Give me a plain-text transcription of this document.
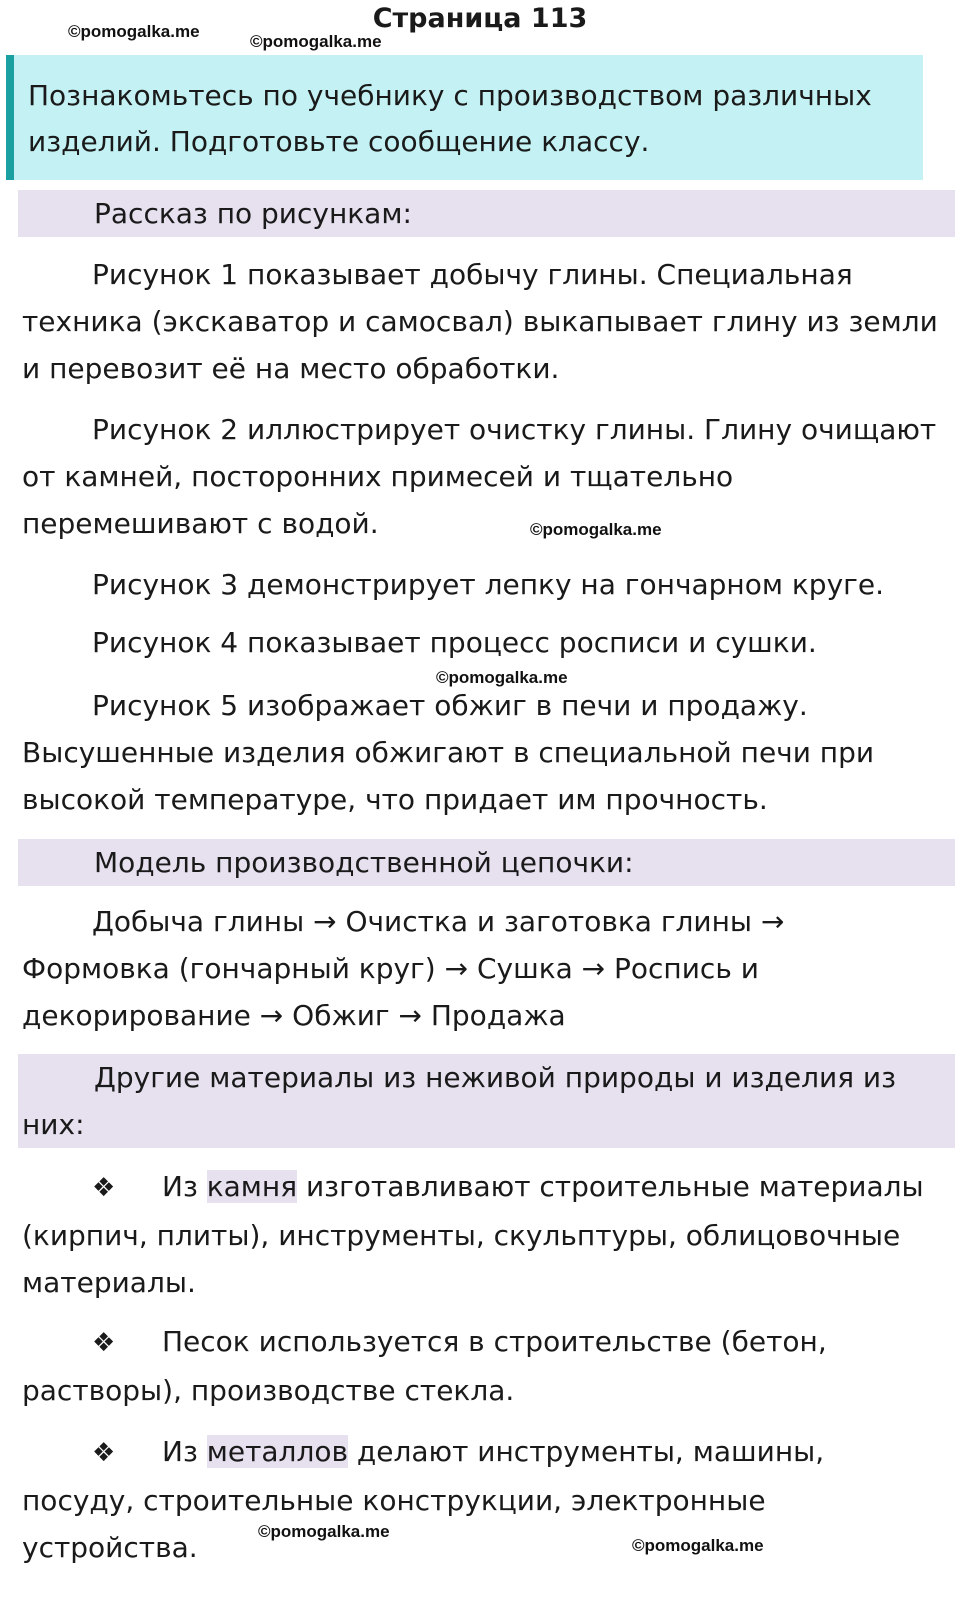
Страница 113
©pomogalka.me
©pomogalka.me
©pomogalka.me
©pomogalka.me
©pomogalka.me
©pomogalka.me
Познакомьтесь по учебнику с производством различных
изделий. Подготовьте сообщение классу.
Рассказ по рисункам:
Рисунок 1 показывает добычу глины. Специальная
техника (экскаватор и самосвал) выкапывает глину из земли
и перевозит её на место обработки.
Рисунок 2 иллюстрирует очистку глины. Глину очищают
от камней, посторонних примесей и тщательно
перемешивают с водой.
Рисунок 3 демонстрирует лепку на гончарном круге.
Рисунок 4 показывает процесс росписи и сушки.
Рисунок 5 изображает обжиг в печи и продажу.
Высушенные изделия обжигают в специальной печи при
высокой температуре, что придает им прочность.
Модель производственной цепочки:
Добыча глины → Очистка и заготовка глины →
Формовка (гончарный круг) → Сушка → Роспись и
декорирование → Обжиг → Продажа
Другие материалы из неживой природы и изделия из
них:
❖ Из камня изготавливают строительные материалы
(кирпич, плиты), инструменты, скульптуры, облицовочные
материалы.
❖ Песок используется в строительстве (бетон,
растворы), производстве стекла.
❖ Из металлов делают инструменты, машины,
посуду, строительные конструкции, электронные
устройства.
